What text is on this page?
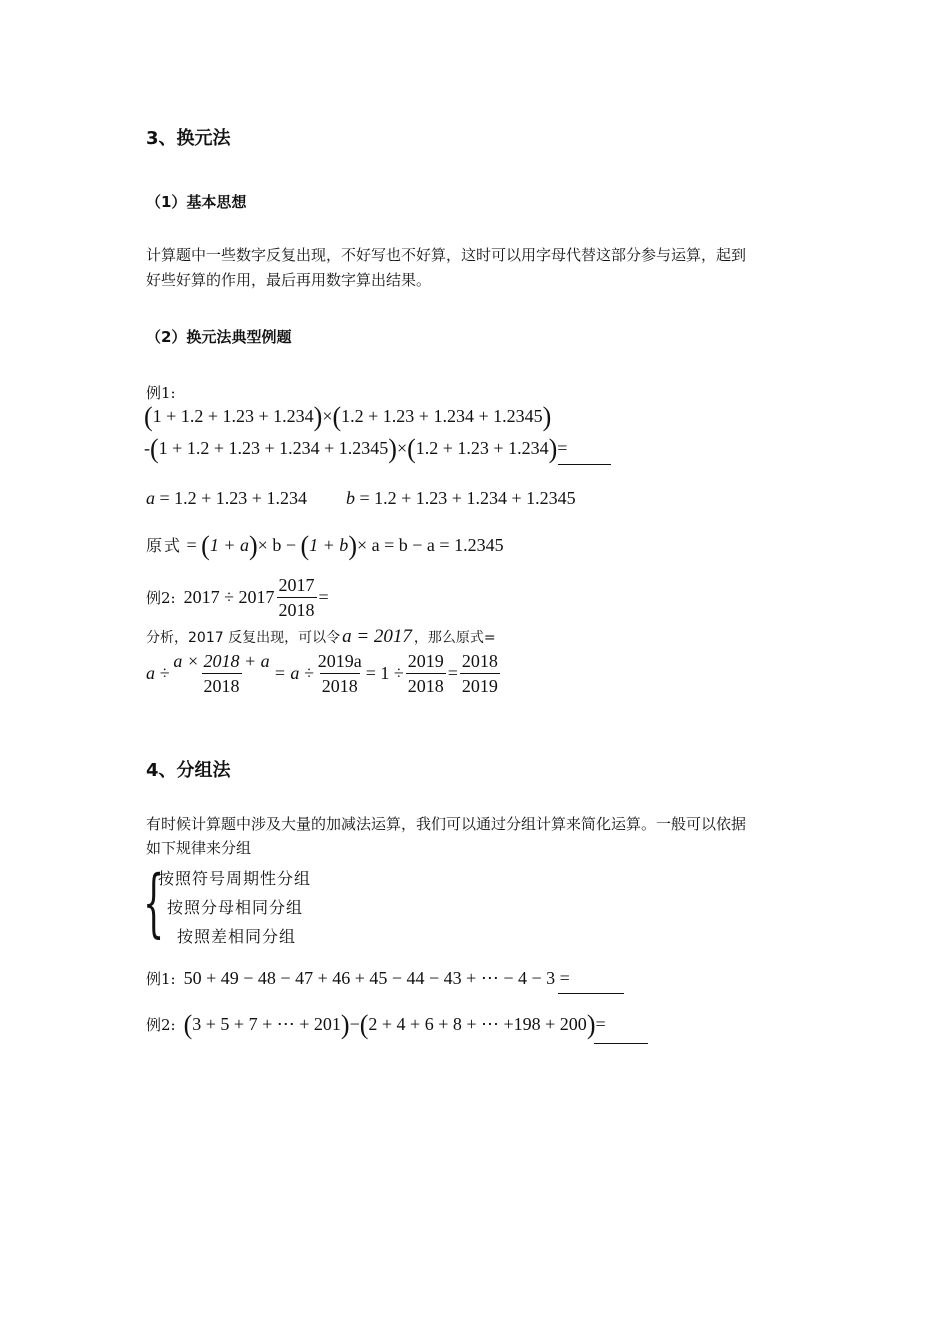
3、换元法
（1）基本思想
计算题中一些数字反复出现，不好写也不好算，这时可以用字母代替这部分参与运算，起到
好些好算的作用，最后再用数字算出结果。
（2）换元法典型例题
例1:
(1 + 1.2 + 1.23 + 1.234)×(1.2 + 1.23 + 1.234 + 1.2345)
-(1 + 1.2 + 1.23 + 1.234 + 1.2345)×(1.2 + 1.23 + 1.234)=
a = 1.2 + 1.23 + 1.234 b = 1.2 + 1.23 + 1.234 + 1.2345
原式 = (1 + a)× b − (1 + b)× a = b − a = 1.2345
例2: $2017 \div 2017 \frac{2017}{2018}$ =
分析，2017 反复出现，可以令 a = 2017 ，那么原式=
$a \div \frac{a \times 2018 + a}{2018} = a \div \frac{2019a}{2018} = 1 \div \frac{2019}{2018} = \frac{2018}{2019}$
4、分组法
有时候计算题中涉及大量的加减法运算，我们可以通过分组计算来简化运算。一般可以依据
如下规律来分组
{
按照符号周期性分组
按照分母相同分组
按照差相同分组
例1: 50 + 49 − 48 − 47 + 46 + 45 − 44 − 43 + ⋯ − 4 − 3 =
例2: (3 + 5 + 7 + ⋯ + 201)−(2 + 4 + 6 + 8 + ⋯ +198 + 200)=
